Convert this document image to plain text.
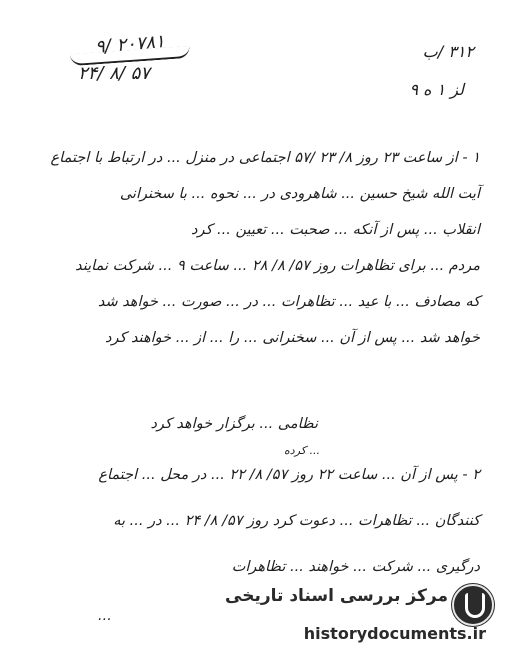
۲۰۷۸۱ /۹
۵۷ /۸ /۲۴
۳۱۲ /ب
لز ۱ ه ۹
۱ - از ساعت ۲۳ روز ۸/ ۲۳ /۵۷ اجتماعی در منزل ... در ارتباط با اجتماع
آیت الله شیخ حسین ... شاهرودی در ... نحوه ... با سخنرانی
انقلاب ... پس از آنکه ... صحبت ... تعیین ... کرد
مردم ... برای تظاهرات روز ۵۷/ ۸/ ۲۸ ... ساعت ۹ ... شرکت نمایند
که مصادف ... با عید ... تظاهرات ... در ... صورت ... خواهد شد
خواهد شد ... پس از آن ... سخنرانی ... را ... از ... خواهند کرد
نظامی ... برگزار خواهد کرد
... کرده
۲ - پس از آن ... ساعت ۲۲ روز ۵۷/ ۸/ ۲۲ ... در محل ... اجتماع
کنندگان ... تظاهرات ... دعوت کرد روز ۵۷/ ۸/ ۲۴ ... در ... به
درگیری ... شرکت ... خواهند ... تظاهرات
...
مرکز بررسی اسناد تاریخی
historydocuments.ir
